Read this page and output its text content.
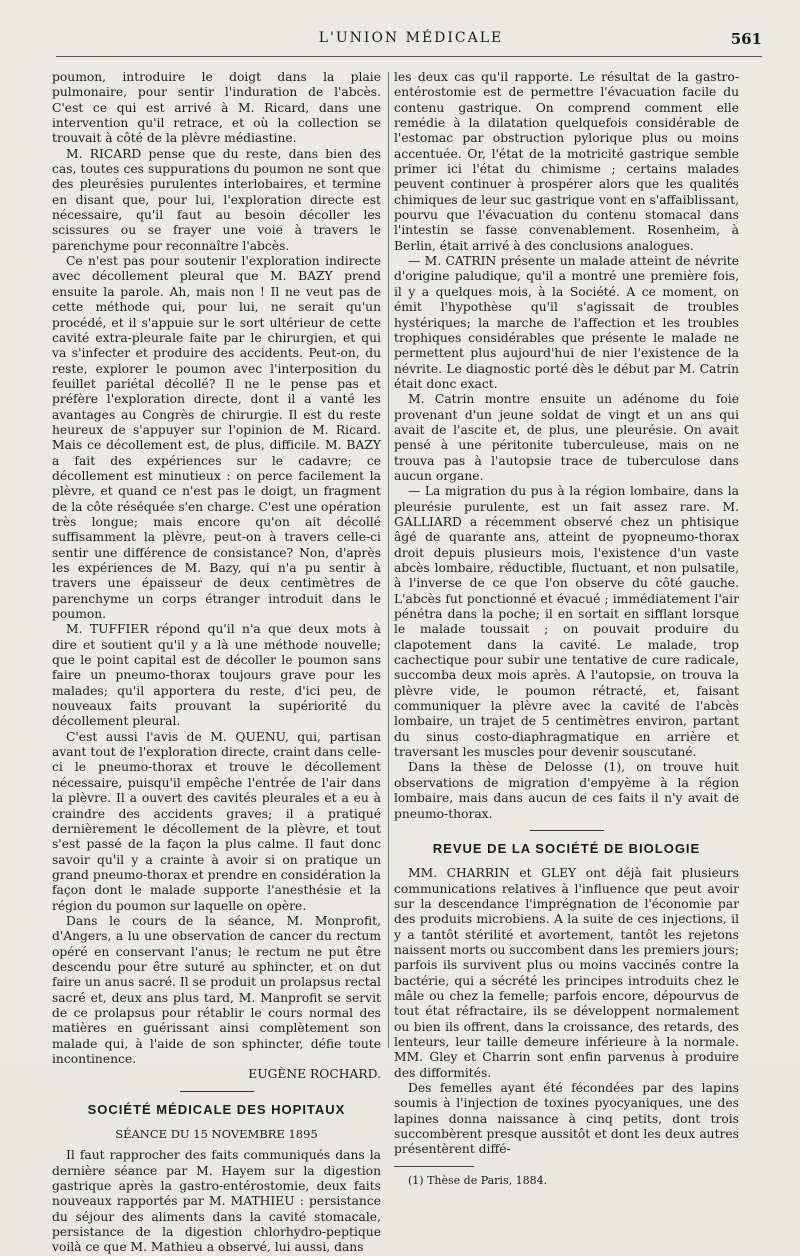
L'UNION MÉDICALE	561

poumon, introduire le doigt dans la plaie pulmonaire, pour sentir l'induration de l'abcès. C'est ce qui est arrivé à M. Ricard, dans une intervention qu'il retrace, et où la collection se trouvait à côté de la plèvre médiastine.

M. RICARD pense que du reste, dans bien des cas, toutes ces suppurations du poumon ne sont que des pleurésies purulentes interlobaires, et termine en disant que, pour lui, l'exploration directe est nécessaire, qu'il faut au besoin décoller les scissures ou se frayer une voie à travers le parenchyme pour reconnaître l'abcès.

Ce n'est pas pour soutenir l'exploration indirecte avec décollement pleural que M. BAZY prend ensuite la parole. Ah, mais non ! Il ne veut pas de cette méthode qui, pour lui, ne serait qu'un procédé, et il s'appuie sur le sort ultérieur de cette cavité extra-pleurale faite par le chirurgien, et qui va s'infecter et produire des accidents. Peut-on, du reste, explorer le poumon avec l'interposition du feuillet pariétal décollé? Il ne le pense pas et préfère l'exploration directe, dont il a vanté les avantages au Congrès de chirurgie. Il est du reste heureux de s'appuyer sur l'opinion de M. Ricard. Mais ce décollement est, de plus, difficile. M. BAZY a fait des expériences sur le cadavre; ce décollement est minutieux : on perce facilement la plèvre, et quand ce n'est pas le doigt, un fragment de la côte réséquée s'en charge. C'est une opération très longue; mais encore qu'on ait décollé suffisamment la plèvre, peut-on à travers celle-ci sentir une différence de consistance? Non, d'après les expériences de M. Bazy, qui n'a pu sentir à travers une épaisseur de deux centimètres de parenchyme un corps étranger introduit dans le poumon.

M. TUFFIER répond qu'il n'a que deux mots à dire et soutient qu'il y a là une méthode nouvelle; que le point capital est de décoller le poumon sans faire un pneumo-thorax toujours grave pour les malades; qu'il apportera du reste, d'ici peu, de nouveaux faits prouvant la supériorité du décollement pleural.

C'est aussi l'avis de M. QUENU, qui, partisan avant tout de l'exploration directe, craint dans celle-ci le pneumo-thorax et trouve le décollement nécessaire, puisqu'il empêche l'entrée de l'air dans la plèvre. Il a ouvert des cavités pleurales et a eu à craindre des accidents graves; il a pratiqué dernièrement le décollement de la plèvre, et tout s'est passé de la façon la plus calme. Il faut donc savoir qu'il y a crainte à avoir si on pratique un grand pneumo-thorax et prendre en considération la façon dont le malade supporte l'anesthésie et la région du poumon sur laquelle on opère.

Dans le cours de la séance, M. Monprofit, d'Angers, a lu une observation de cancer du rectum opéré en conservant l'anus; le rectum ne put être descendu pour être suturé au sphincter, et on dut faire un anus sacré. Il se produit un prolapsus rectal sacré et, deux ans plus tard, M. Manprofit se servit de ce prolapsus pour rétablir le cours normal des matières en guérissant ainsi complètement son malade qui, à l'aide de son sphincter, défie toute incontinence.

EUGÈNE ROCHARD.
SOCIÉTÉ MÉDICALE DES HOPITAUX
SÉANCE DU 15 NOVEMBRE 1895

Il faut rapprocher des faits communiqués dans la dernière séance par M. Hayem sur la digestion gastrique après la gastro-entérostomie, deux faits nouveaux rapportés par M. MATHIEU : persistance du séjour des aliments dans la cavité stomacale, persistance de la digestion chlorhydro-peptique voilà ce que M. Mathieu a observé, lui aussi, dans

les deux cas qu'il rapporte. Le résultat de la gastro-entérostomie est de permettre l'évacuation facile du contenu gastrique. On comprend comment elle remédie à la dilatation quelquefois considérable de l'estomac par obstruction pylorique plus ou moins accentuée. Or, l'état de la motricité gastrique semble primer ici l'état du chimisme ; certains malades peuvent continuer à prospérer alors que les qualités chimiques de leur suc gastrique vont en s'affaiblissant, pourvu que l'évacuation du contenu stomacal dans l'intestin se fasse convenablement. Rosenheim, à Berlin, était arrivé à des conclusions analogues.

— M. CATRIN présente un malade atteint de névrite d'origine paludique, qu'il a montré une première fois, il y a quelques mois, à la Société. A ce moment, on émit l'hypothèse qu'il s'agissait de troubles hystériques; la marche de l'affection et les troubles trophiques considérables que présente le malade ne permettent plus aujourd'hui de nier l'existence de la névrite. Le diagnostic porté dès le début par M. Catrin était donc exact.

M. Catrin montre ensuite un adénome du foie provenant d'un jeune soldat de vingt et un ans qui avait de l'ascite et, de plus, une pleurésie. On avait pensé à une péritonite tuberculeuse, mais on ne trouva pas à l'autopsie trace de tuberculose dans aucun organe.

— La migration du pus à la région lombaire, dans la pleurésie purulente, est un fait assez rare. M. GALLIARD a récemment observé chez un phtisique âgé de quarante ans, atteint de pyopneumo-thorax droit depuis plusieurs mois, l'existence d'un vaste abcès lombaire, réductible, fluctuant, et non pulsatile, à l'inverse de ce que l'on observe du côté gauche. L'abcès fut ponctionné et évacué ; immédiatement l'air pénétra dans la poche; il en sortait en sifflant lorsque le malade toussait ; on pouvait produire du clapotement dans la cavité. Le malade, trop cachectique pour subir une tentative de cure radicale, succomba deux mois après. A l'autopsie, on trouva la plèvre vide, le poumon rétracté, et, faisant communiquer la plèvre avec la cavité de l'abcès lombaire, un trajet de 5 centimètres environ, partant du sinus costo-diaphragmatique en arrière et traversant les muscles pour devenir souscutané.

Dans la thèse de Delosse (1), on trouve huit observations de migration d'empyème à la région lombaire, mais dans aucun de ces faits il n'y avait de pneumo-thorax.

REVUE DE LA SOCIÉTÉ DE BIOLOGIE

MM. CHARRIN et GLEY ont déjà fait plusieurs communications relatives à l'influence que peut avoir sur la descendance l'imprégnation de l'économie par des produits microbiens. A la suite de ces injections, il y a tantôt stérilité et avortement, tantôt les rejetons naissent morts ou succombent dans les premiers jours; parfois ils survivent plus ou moins vaccinés contre la bactérie, qui a sécrété les principes introduits chez le mâle ou chez la femelle; parfois encore, dépourvus de tout état réfractaire, ils se développent normalement ou bien ils offrent, dans la croissance, des retards, des lenteurs, leur taille demeure inférieure à la normale. MM. Gley et Charrin sont enfin parvenus à produire des difformités.

Des femelles ayant été fécondées par des lapins soumis à l'injection de toxines pyocyaniques, une des lapines donna naissance à cinq petits, dont trois succombèrent presque aussitôt et dont les deux autres présentèrent diffé-

(1) Thèse de Paris, 1884.
